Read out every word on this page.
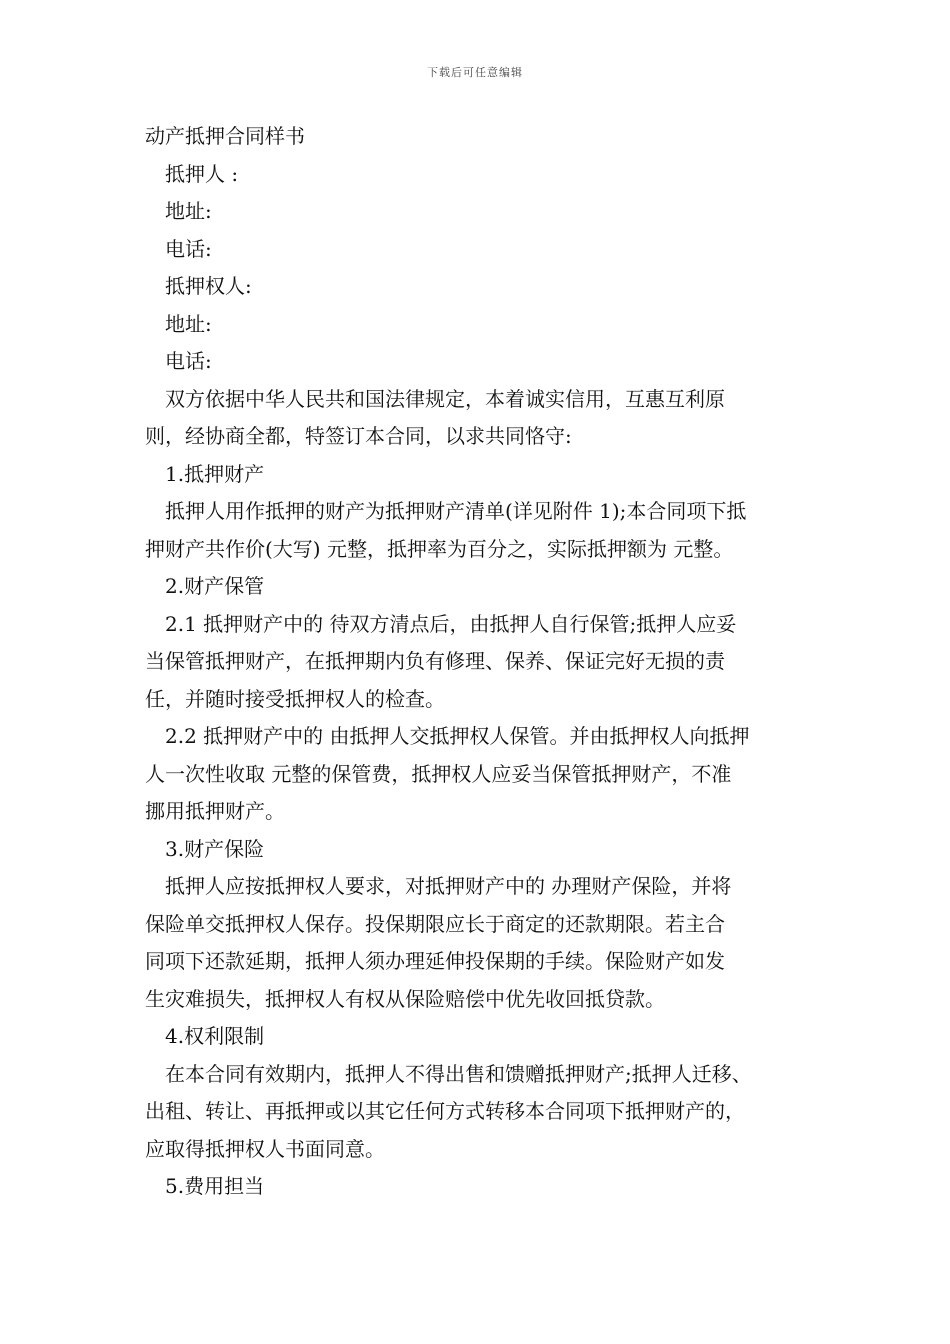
下载后可任意编辑
动产抵押合同样书
抵押人 :
地址:
电话:
抵押权人:
地址:
电话:
双方依据中华人民共和国法律规定，本着诚实信用，互惠互利原
则，经协商全都，特签订本合同，以求共同恪守:
1.抵押财产
抵押人用作抵押的财产为抵押财产清单(详见附件 1);本合同项下抵
押财产共作价(大写) 元整，抵押率为百分之，实际抵押额为 元整。
2.财产保管
2.1 抵押财产中的 待双方清点后，由抵押人自行保管;抵押人应妥
当保管抵押财产，在抵押期内负有修理、保养、保证完好无损的责
任，并随时接受抵押权人的检查。
2.2 抵押财产中的 由抵押人交抵押权人保管。并由抵押权人向抵押
人一次性收取 元整的保管费，抵押权人应妥当保管抵押财产，不准
挪用抵押财产。
3.财产保险
抵押人应按抵押权人要求，对抵押财产中的 办理财产保险，并将
保险单交抵押权人保存。投保期限应长于商定的还款期限。若主合
同项下还款延期，抵押人须办理延伸投保期的手续。保险财产如发
生灾难损失，抵押权人有权从保险赔偿中优先收回抵贷款。
4.权利限制
在本合同有效期内，抵押人不得出售和馈赠抵押财产;抵押人迁移、
出租、转让、再抵押或以其它任何方式转移本合同项下抵押财产的，
应取得抵押权人书面同意。
5.费用担当
